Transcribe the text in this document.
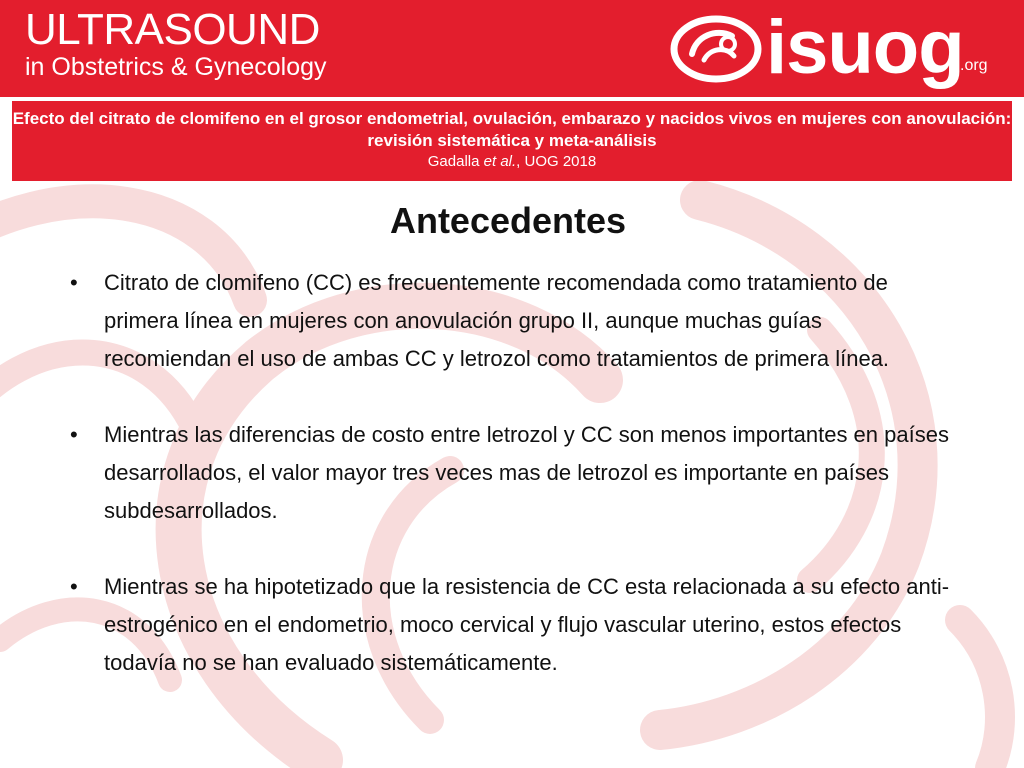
ULTRASOUND
in Obstetrics & Gynecology	isuog
.org

Efecto del citrato de clomifeno en el grosor endometrial, ovulación, embarazo y nacidos vivos en mujeres con anovulación: revisión sistemática y meta-análisis

Gadalla et al., UOG 2018

Antecedentes
• Citrato de clomifeno (CC) es frecuentemente recomendada como tratamiento de primera línea en mujeres con anovulación grupo II, aunque muchas guías recomiendan el uso de ambas CC y letrozol como tratamientos de primera línea.
• Mientras las diferencias de costo entre letrozol y CC son menos importantes en países desarrollados, el valor mayor tres veces mas de letrozol es importante en países subdesarrollados.
• Mientras se ha hipotetizado que la resistencia de CC esta relacionada a su efecto anti-estrogénico en el endometrio, moco cervical y flujo vascular uterino, estos efectos todavía no se han evaluado sistemáticamente.
